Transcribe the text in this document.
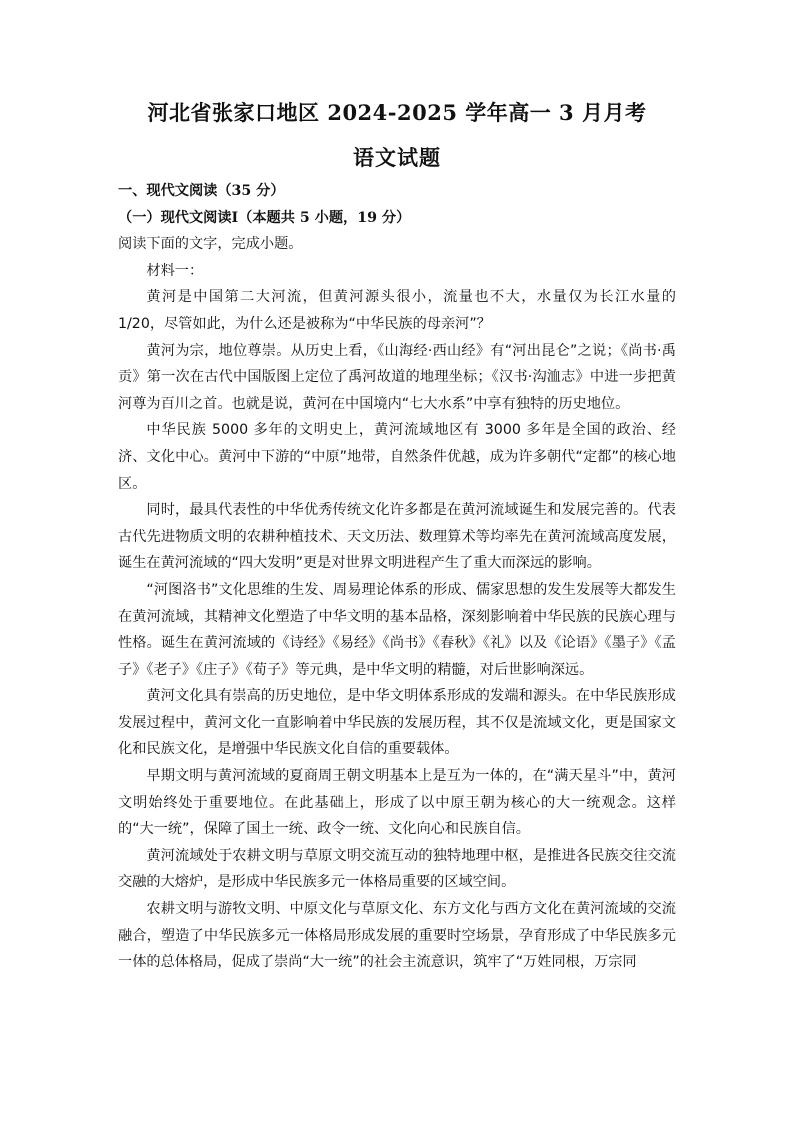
河北省张家口地区 2024-2025 学年高一 3 月月考
语文试题

一、现代文阅读（35 分）

（一）现代文阅读Ⅰ（本题共 5 小题，19 分）

阅读下面的文字，完成小题。

材料一：

黄河是中国第二大河流，但黄河源头很小，流量也不大，水量仅为长江水量的 1/20，尽管如此，为什么还是被称为“中华民族的母亲河”？

黄河为宗，地位尊崇。从历史上看，《山海经·西山经》有“河出昆仑”之说；《尚书·禹贡》第一次在古代中国版图上定位了禹河故道的地理坐标；《汉书·沟洫志》中进一步把黄河尊为百川之首。也就是说，黄河在中国境内“七大水系”中享有独特的历史地位。

中华民族 5000 多年的文明史上，黄河流域地区有 3000 多年是全国的政治、经济、文化中心。黄河中下游的“中原”地带，自然条件优越，成为许多朝代“定都”的核心地区。

同时，最具代表性的中华优秀传统文化许多都是在黄河流域诞生和发展完善的。代表古代先进物质文明的农耕种植技术、天文历法、数理算术等均率先在黄河流域高度发展，诞生在黄河流域的“四大发明”更是对世界文明进程产生了重大而深远的影响。

“河图洛书”文化思维的生发、周易理论体系的形成、儒家思想的发生发展等大都发生在黄河流域，其精神文化塑造了中华文明的基本品格，深刻影响着中华民族的民族心理与性格。诞生在黄河流域的《诗经》《易经》《尚书》《春秋》《礼》以及《论语》《墨子》《孟子》《老子》《庄子》《荀子》等元典，是中华文明的精髓，对后世影响深远。

黄河文化具有崇高的历史地位，是中华文明体系形成的发端和源头。在中华民族形成发展过程中，黄河文化一直影响着中华民族的发展历程，其不仅是流域文化，更是国家文化和民族文化，是增强中华民族文化自信的重要载体。

早期文明与黄河流域的夏商周王朝文明基本上是互为一体的，在“满天星斗”中，黄河文明始终处于重要地位。在此基础上，形成了以中原王朝为核心的大一统观念。这样的“大一统”，保障了国土一统、政令一统、文化向心和民族自信。

黄河流域处于农耕文明与草原文明交流互动的独特地理中枢，是推进各民族交往交流交融的大熔炉，是形成中华民族多元一体格局重要的区域空间。

农耕文明与游牧文明、中原文化与草原文化、东方文化与西方文化在黄河流域的交流融合，塑造了中华民族多元一体格局形成发展的重要时空场景，孕育形成了中华民族多元一体的总体格局，促成了崇尚“大一统”的社会主流意识，筑牢了“万姓同根，万宗同
